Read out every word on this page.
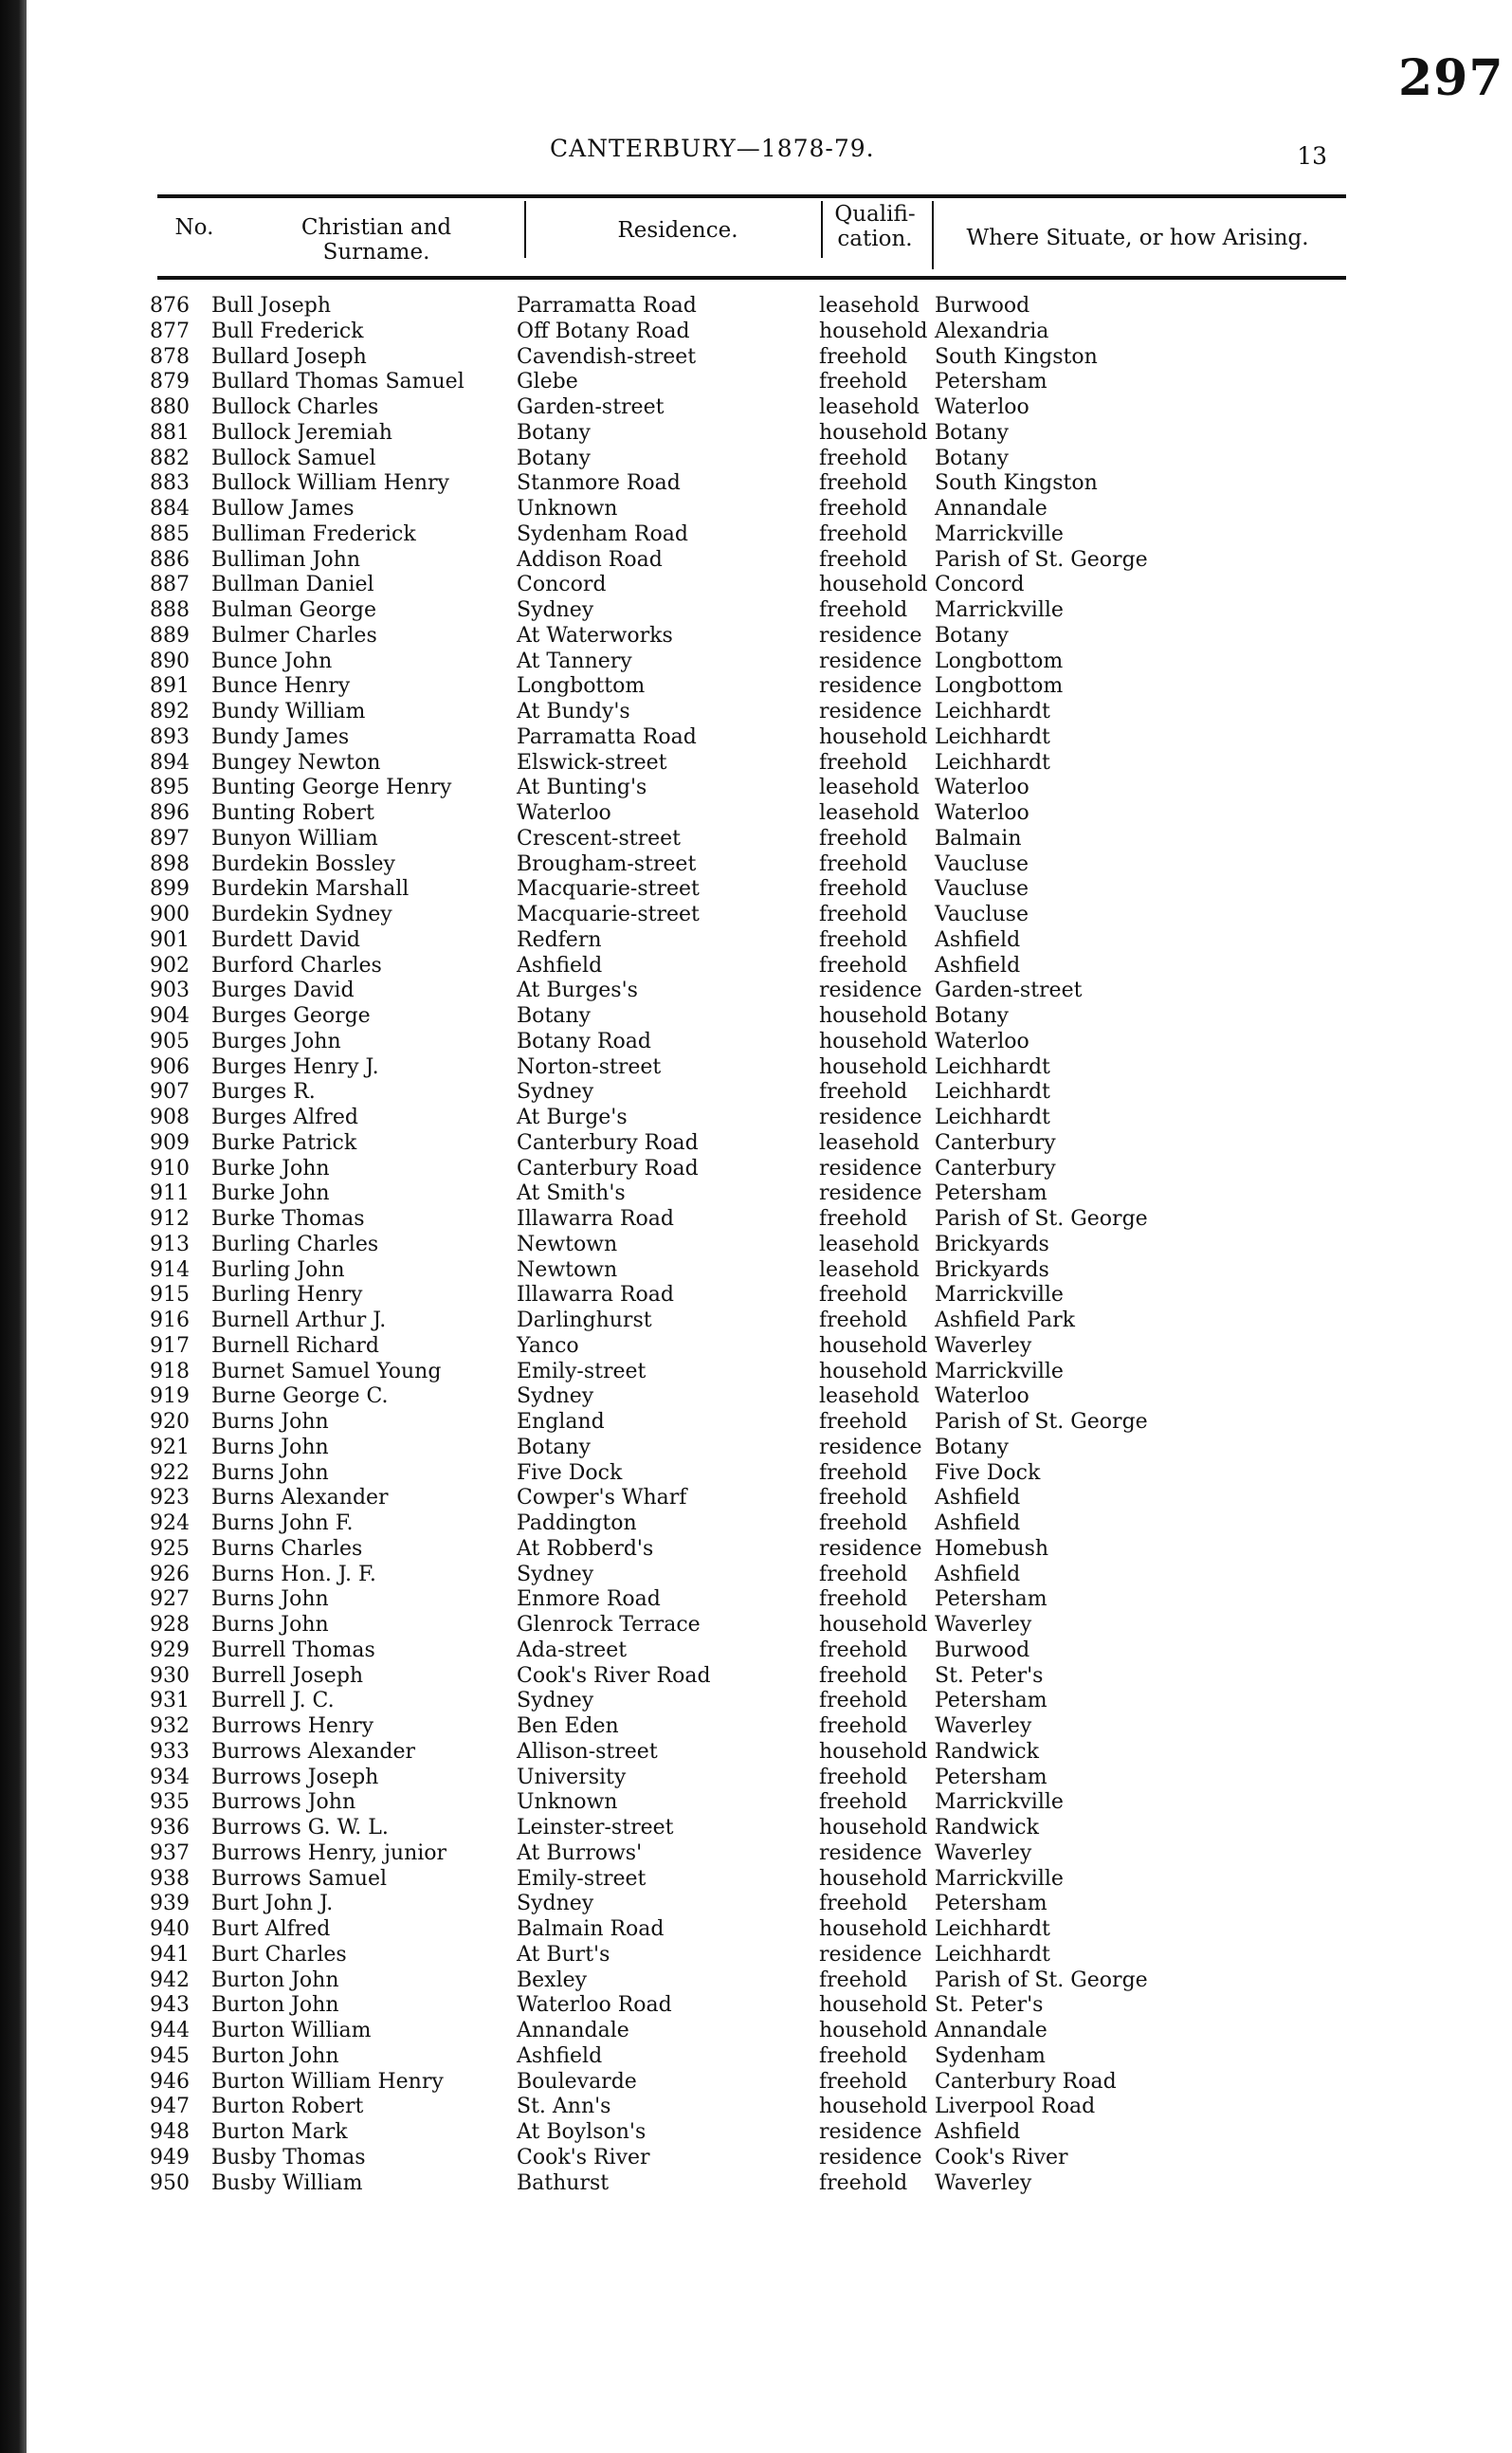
297
CANTERBURY—1878-79.	13
No.	Christian and Surname.
Residence.
Qualifi-
cation.	Where Situate, or how Arising.
876 Bull Joseph	Parramatta Road	leasehold Burwood
877 Bull Frederick	Off Botany Road	household Alexandria
878 Bullard Joseph	Cavendish-street	freehold South Kingston
879 Bullard Thomas Samuel	Glebe	freehold Petersham
880 Bullock Charles	Garden-street	leasehold Waterloo
881 Bullock Jeremiah	Botany	household Botany
882 Bullock Samuel	Botany	freehold Botany
883 Bullock William Henry	Stanmore Road	freehold South Kingston
884 Bullow James	Unknown	freehold Annandale
885 Bulliman Frederick	Sydenham Road	freehold Marrickville
886 Bulliman John	Addison Road	freehold Parish of St. George
887 Bullman Daniel	Concord	household Concord
888 Bulman George	Sydney	freehold Marrickville
889 Bulmer Charles	At Waterworks	residence Botany
890 Bunce John	At Tannery	residence Longbottom
891 Bunce Henry	Longbottom	residence Longbottom
892 Bundy William	At Bundy's	residence Leichhardt
893 Bundy James	Parramatta Road	household Leichhardt
894 Bungey Newton	Elswick-street	freehold Leichhardt
895 Bunting George Henry	At Bunting's	leasehold Waterloo
896 Bunting Robert	Waterloo	leasehold Waterloo
897 Bunyon William	Crescent-street	freehold Balmain
898 Burdekin Bossley	Brougham-street	freehold Vaucluse
899 Burdekin Marshall	Macquarie-street	freehold Vaucluse
900 Burdekin Sydney	Macquarie-street	freehold Vaucluse
901 Burdett David	Redfern	freehold Ashfield
902 Burford Charles	Ashfield	freehold Ashfield
903 Burges David	At Burges's	residence Garden-street
904 Burges George	Botany	household Botany
905 Burges John	Botany Road	household Waterloo
906 Burges Henry J.	Norton-street	household Leichhardt
907 Burges R.	Sydney	freehold Leichhardt
908 Burges Alfred	At Burge's	residence Leichhardt
909 Burke Patrick	Canterbury Road	leasehold Canterbury
910 Burke John	Canterbury Road	residence Canterbury
911 Burke John	At Smith's	residence Petersham
912 Burke Thomas	Illawarra Road	freehold Parish of St. George
913 Burling Charles	Newtown	leasehold Brickyards
914 Burling John	Newtown	leasehold Brickyards
915 Burling Henry	Illawarra Road	freehold Marrickville
916 Burnell Arthur J.	Darlinghurst	freehold Ashfield Park
917 Burnell Richard	Yanco	household Waverley
918 Burnet Samuel Young	Emily-street	household Marrickville
919 Burne George C.	Sydney	leasehold Waterloo
920 Burns John	England	freehold Parish of St. George
921 Burns John	Botany	residence Botany
922 Burns John	Five Dock	freehold Five Dock
923 Burns Alexander	Cowper's Wharf	freehold Ashfield
924 Burns John F.	Paddington	freehold Ashfield
925 Burns Charles	At Robberd's	residence Homebush
926 Burns Hon. J. F.	Sydney	freehold Ashfield
927 Burns John	Enmore Road	freehold Petersham
928 Burns John	Glenrock Terrace	household Waverley
929 Burrell Thomas	Ada-street	freehold Burwood
930 Burrell Joseph	Cook's River Road	freehold St. Peter's
931 Burrell J. C.	Sydney	freehold Petersham
932 Burrows Henry	Ben Eden	freehold Waverley
933 Burrows Alexander	Allison-street	household Randwick
934 Burrows Joseph	University	freehold Petersham
935 Burrows John	Unknown	freehold Marrickville
936 Burrows G. W. L.	Leinster-street	household Randwick
937 Burrows Henry, junior	At Burrows'	residence Waverley
938 Burrows Samuel	Emily-street	household Marrickville
939 Burt John J.	Sydney	freehold Petersham
940 Burt Alfred	Balmain Road	household Leichhardt
941 Burt Charles	At Burt's	residence Leichhardt
942 Burton John	Bexley	freehold Parish of St. George
943 Burton John	Waterloo Road	household St. Peter's
944 Burton William	Annandale	household Annandale
945 Burton John	Ashfield	freehold Sydenham
946 Burton William Henry	Boulevarde	freehold Canterbury Road
947 Burton Robert	St. Ann's	household Liverpool Road
948 Burton Mark	At Boylson's	residence Ashfield
949 Busby Thomas	Cook's River	residence Cook's River
950 Busby William	Bathurst	freehold Waverley
